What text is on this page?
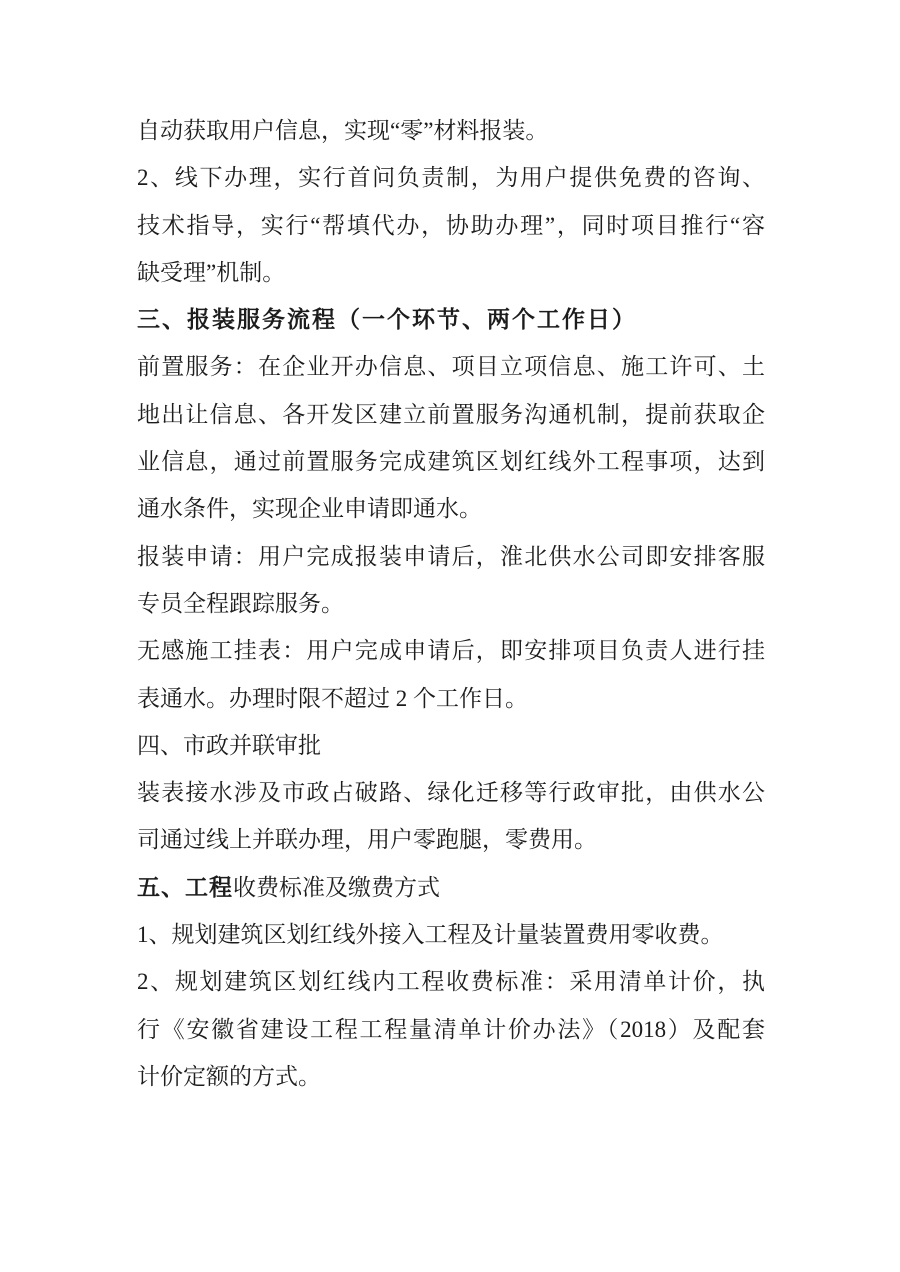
自动获取用户信息，实现“零”材料报装。
2、线下办理，实行首问负责制，为用户提供免费的咨询、
技术指导，实行“帮填代办，协助办理”，同时项目推行“容
缺受理”机制。
三、报装服务流程（一个环节、两个工作日）
前置服务：在企业开办信息、项目立项信息、施工许可、土
地出让信息、各开发区建立前置服务沟通机制，提前获取企
业信息，通过前置服务完成建筑区划红线外工程事项，达到
通水条件，实现企业申请即通水。
报装申请：用户完成报装申请后，淮北供水公司即安排客服
专员全程跟踪服务。
无感施工挂表：用户完成申请后，即安排项目负责人进行挂
表通水。办理时限不超过 2 个工作日。
四、市政并联审批
装表接水涉及市政占破路、绿化迁移等行政审批，由供水公
司通过线上并联办理，用户零跑腿，零费用。
五、工程收费标准及缴费方式
1、规划建筑区划红线外接入工程及计量装置费用零收费。
2、规划建筑区划红线内工程收费标准：采用清单计价，执
行《安徽省建设工程工程量清单计价办法》（2018）及配套
计价定额的方式。
